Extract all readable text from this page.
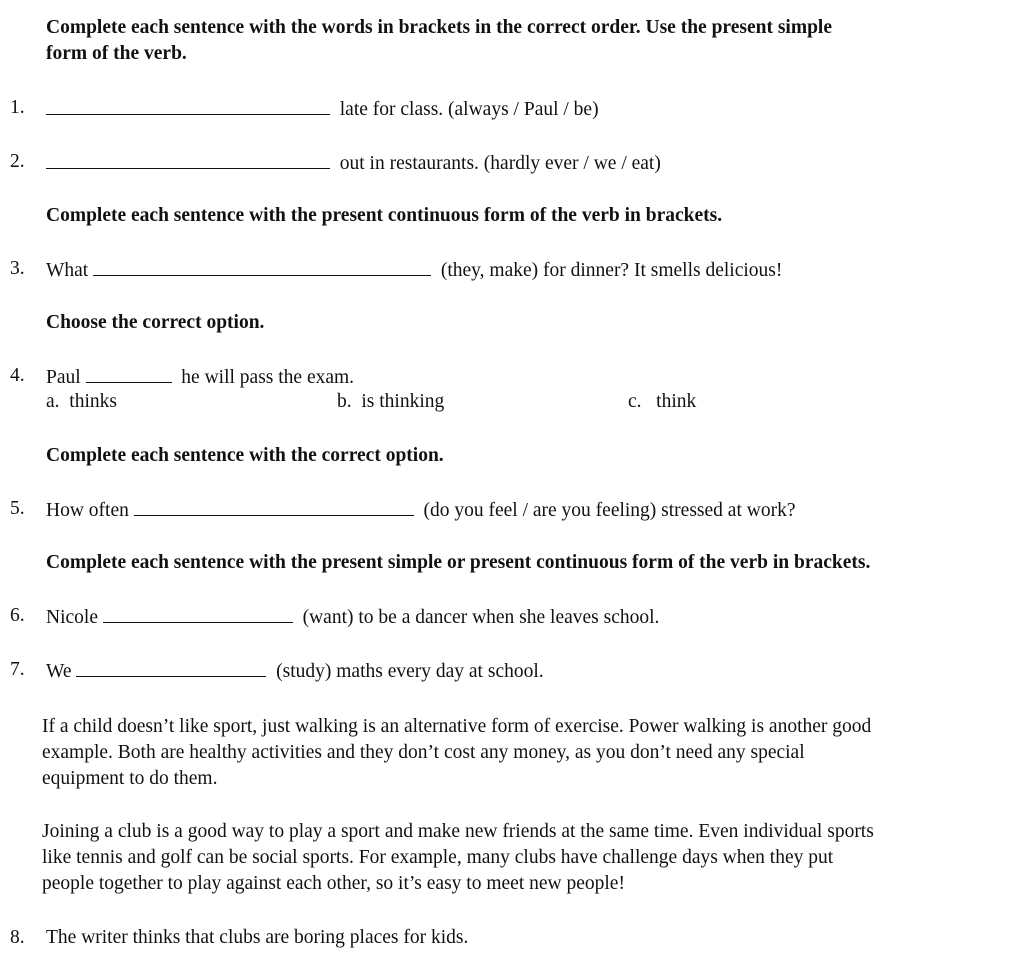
Complete each sentence with the words in brackets in the correct order. Use the present simple
form of the verb.
1.	late for class. (always / Paul / be)
2.	out in restaurants. (hardly ever / we / eat)
Complete each sentence with the present continuous form of the verb in brackets.
3. What	(they, make) for dinner? It smells delicious!
Choose the correct option.
4. Paul	he will pass the exam.
a. thinks	b. is thinking	c. think
Complete each sentence with the correct option.
5. How often	(do you feel / are you feeling) stressed at work?
Complete each sentence with the present simple or present continuous form of the verb in brackets.
6. Nicole	(want) to be a dancer when she leaves school.
7. We	(study) maths every day at school.
If a child doesn’t like sport, just walking is an alternative form of exercise. Power walking is another good
example. Both are healthy activities and they don’t cost any money, as you don’t need any special
equipment to do them.
Joining a club is a good way to play a sport and make new friends at the same time. Even individual sports
like tennis and golf can be social sports. For example, many clubs have challenge days when they put
people together to play against each other, so it’s easy to meet new people!
8. The writer thinks that clubs are boring places for kids.
